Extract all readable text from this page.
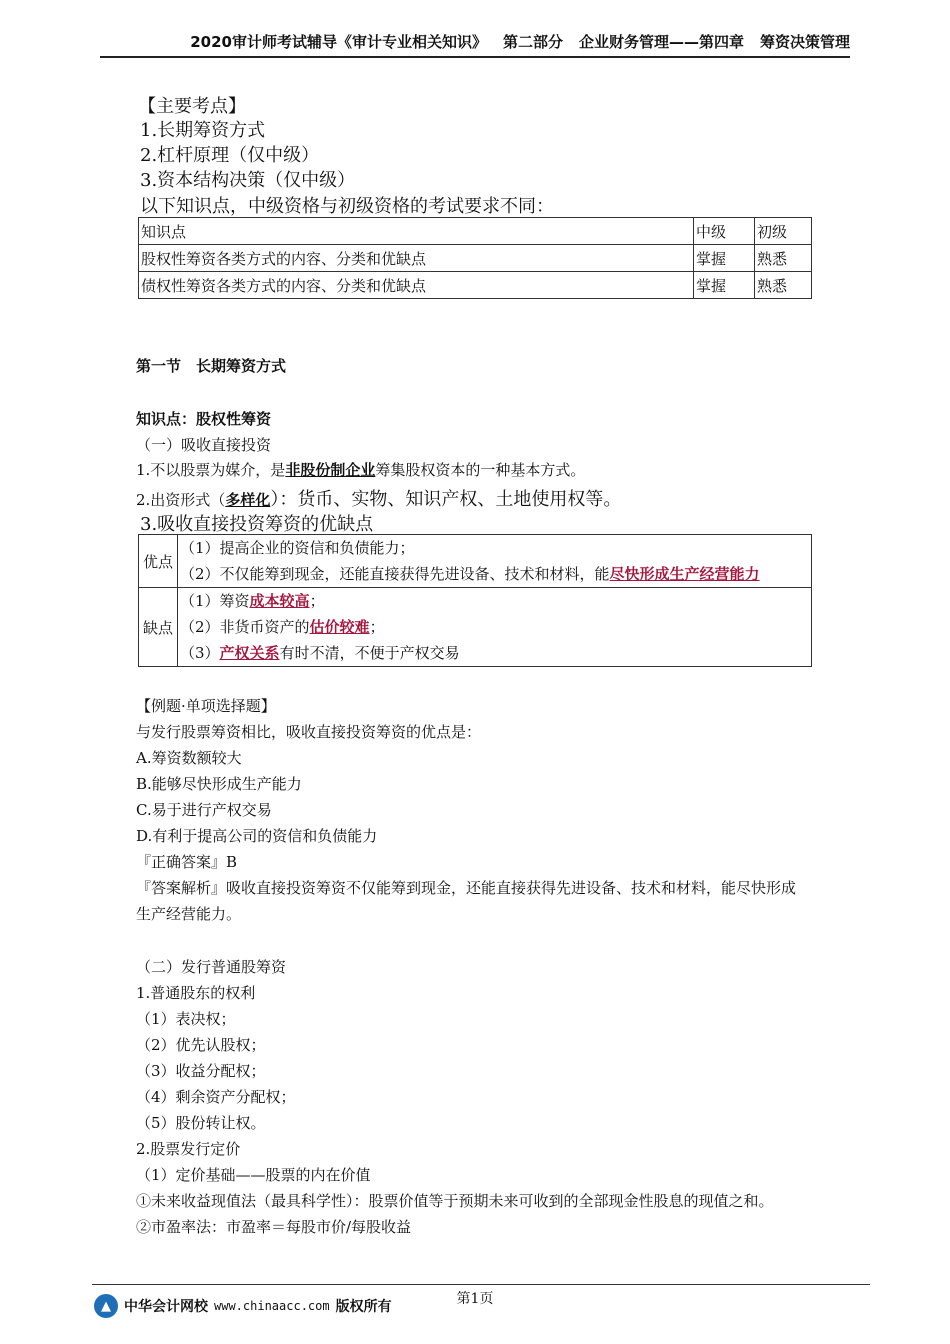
2020审计师考试辅导《审计专业相关知识》 第二部分 企业财务管理——第四章 筹资决策管理
【主要考点】
1.长期筹资方式
2.杠杆原理（仅中级）
3.资本结构决策（仅中级）
以下知识点，中级资格与初级资格的考试要求不同：
知识点	中级	初级
股权性筹资各类方式的内容、分类和优缺点	掌握	熟悉
债权性筹资各类方式的内容、分类和优缺点	掌握	熟悉
第一节　长期筹资方式
知识点：股权性筹资
（一）吸收直接投资
1.不以股票为媒介，是非股份制企业筹集股权资本的一种基本方式。
2.出资形式（多样化）：货币、实物、知识产权、土地使用权等。
3.吸收直接投资筹资的优缺点
优点	（1）提高企业的资信和负债能力；
（2）不仅能筹到现金，还能直接获得先进设备、技术和材料，能尽快形成生产经营能力

缺点	（1）筹资成本较高；
（2）非货币资产的估价较难；
（3）产权关系有时不清，不便于产权交易
【例题·单项选择题】
与发行股票筹资相比，吸收直接投资筹资的优点是：
A.筹资数额较大
B.能够尽快形成生产能力
C.易于进行产权交易
D.有利于提高公司的资信和负债能力
『正确答案』B
『答案解析』吸收直接投资筹资不仅能筹到现金，还能直接获得先进设备、技术和材料，能尽快形成
生产经营能力。
（二）发行普通股筹资
1.普通股东的权利
（1）表决权；
（2）优先认股权；
（3）收益分配权；
（4）剩余资产分配权；
（5）股份转让权。
2.股票发行定价
（1）定价基础——股票的内在价值
①未来收益现值法（最具科学性）：股票价值等于预期未来可收到的全部现金性股息的现值之和。
②市盈率法：市盈率＝每股市价/每股收益
▲ 中华会计网校 www.chinaacc.com 版权所有	第1页
